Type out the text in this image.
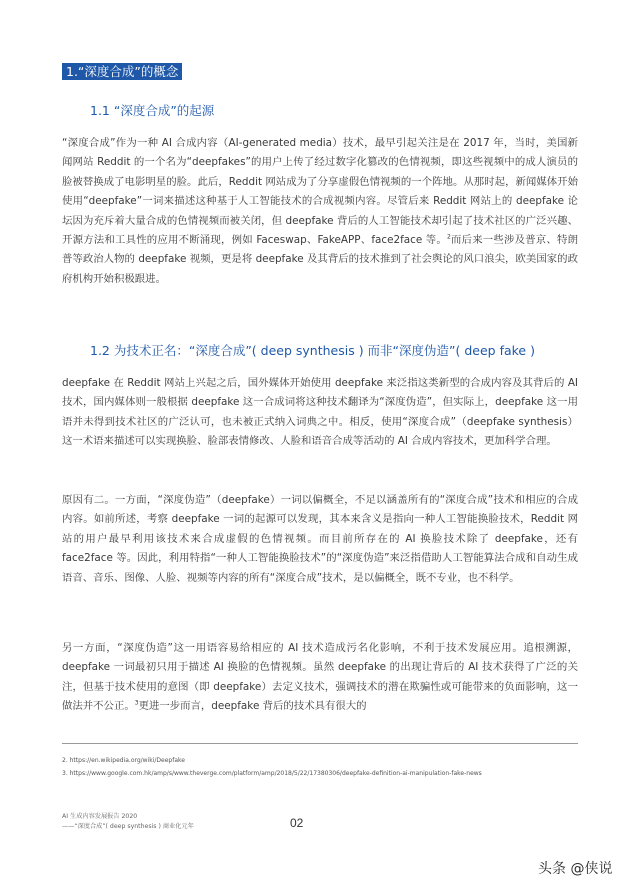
1.“深度合成”的概念
1.1 “深度合成”的起源

“深度合成”作为一种 AI 合成内容（AI-generated media）技术，最早引起关注是在 2017 年，当时，美国新闻网站 Reddit 的一个名为“deepfakes”的用户上传了经过数字化篡改的色情视频，即这些视频中的成人演员的脸被替换成了电影明星的脸。此后，Reddit 网站成为了分享虚假色情视频的一个阵地。从那时起，新闻媒体开始使用“deepfake”一词来描述这种基于人工智能技术的合成视频内容。尽管后来 Reddit 网站上的 deepfake 论坛因为充斥着大量合成的色情视频而被关闭，但 deepfake 背后的人工智能技术却引起了技术社区的广泛兴趣、开源方法和工具性的应用不断涌现，例如 Faceswap、FakeAPP、face2face 等。$^2$而后来一些涉及普京、特朗普等政治人物的 deepfake 视频，更是将 deepfake 及其背后的技术推到了社会舆论的风口浪尖，欧美国家的政府机构开始积极跟进。

1.2 为技术正名：“深度合成”( deep synthesis ) 而非“深度伪造”( deep fake )

deepfake 在 Reddit 网站上兴起之后，国外媒体开始使用 deepfake 来泛指这类新型的合成内容及其背后的 AI 技术，国内媒体则一般根据 deepfake 这一合成词将这种技术翻译为“深度伪造”，但实际上，deepfake 这一用语并未得到技术社区的广泛认可，也未被正式纳入词典之中。相反，使用“深度合成”（deepfake synthesis）这一术语来描述可以实现换脸、脸部表情修改、人脸和语音合成等活动的 AI 合成内容技术，更加科学合理。

原因有二。一方面，“深度伪造”（deepfake）一词以偏概全，不足以涵盖所有的“深度合成”技术和相应的合成内容。如前所述，考察 deepfake 一词的起源可以发现，其本来含义是指向一种人工智能换脸技术，Reddit 网站的用户最早利用该技术来合成虚假的色情视频。而目前所存在的 AI 换脸技术除了 deepfake，还有 face2face 等。因此，利用特指“一种人工智能换脸技术”的“深度伪造”来泛指借助人工智能算法合成和自动生成语音、音乐、图像、人脸、视频等内容的所有“深度合成”技术，是以偏概全，既不专业，也不科学。

另一方面，“深度伪造”这一用语容易给相应的 AI 技术造成污名化影响，不利于技术发展应用。追根溯源，deepfake 一词最初只用于描述 AI 换脸的色情视频。虽然 deepfake 的出现让背后的 AI 技术获得了广泛的关注，但基于技术使用的意图（即 deepfake）去定义技术，强调技术的潜在欺骗性或可能带来的负面影响，这一做法并不公正。$^3$更进一步而言，deepfake 背后的技术具有很大的

2. https://en.wikipedia.org/wiki/Deepfake
3. https://www.google.com.hk/amp/s/www.theverge.com/platform/amp/2018/5/22/17380306/deepfake-definition-ai-manipulation-fake-news
AI 生成内容发展报告 2020
——“深度合成”( deep synthesis ) 商业化元年	02
头条 @侠说
